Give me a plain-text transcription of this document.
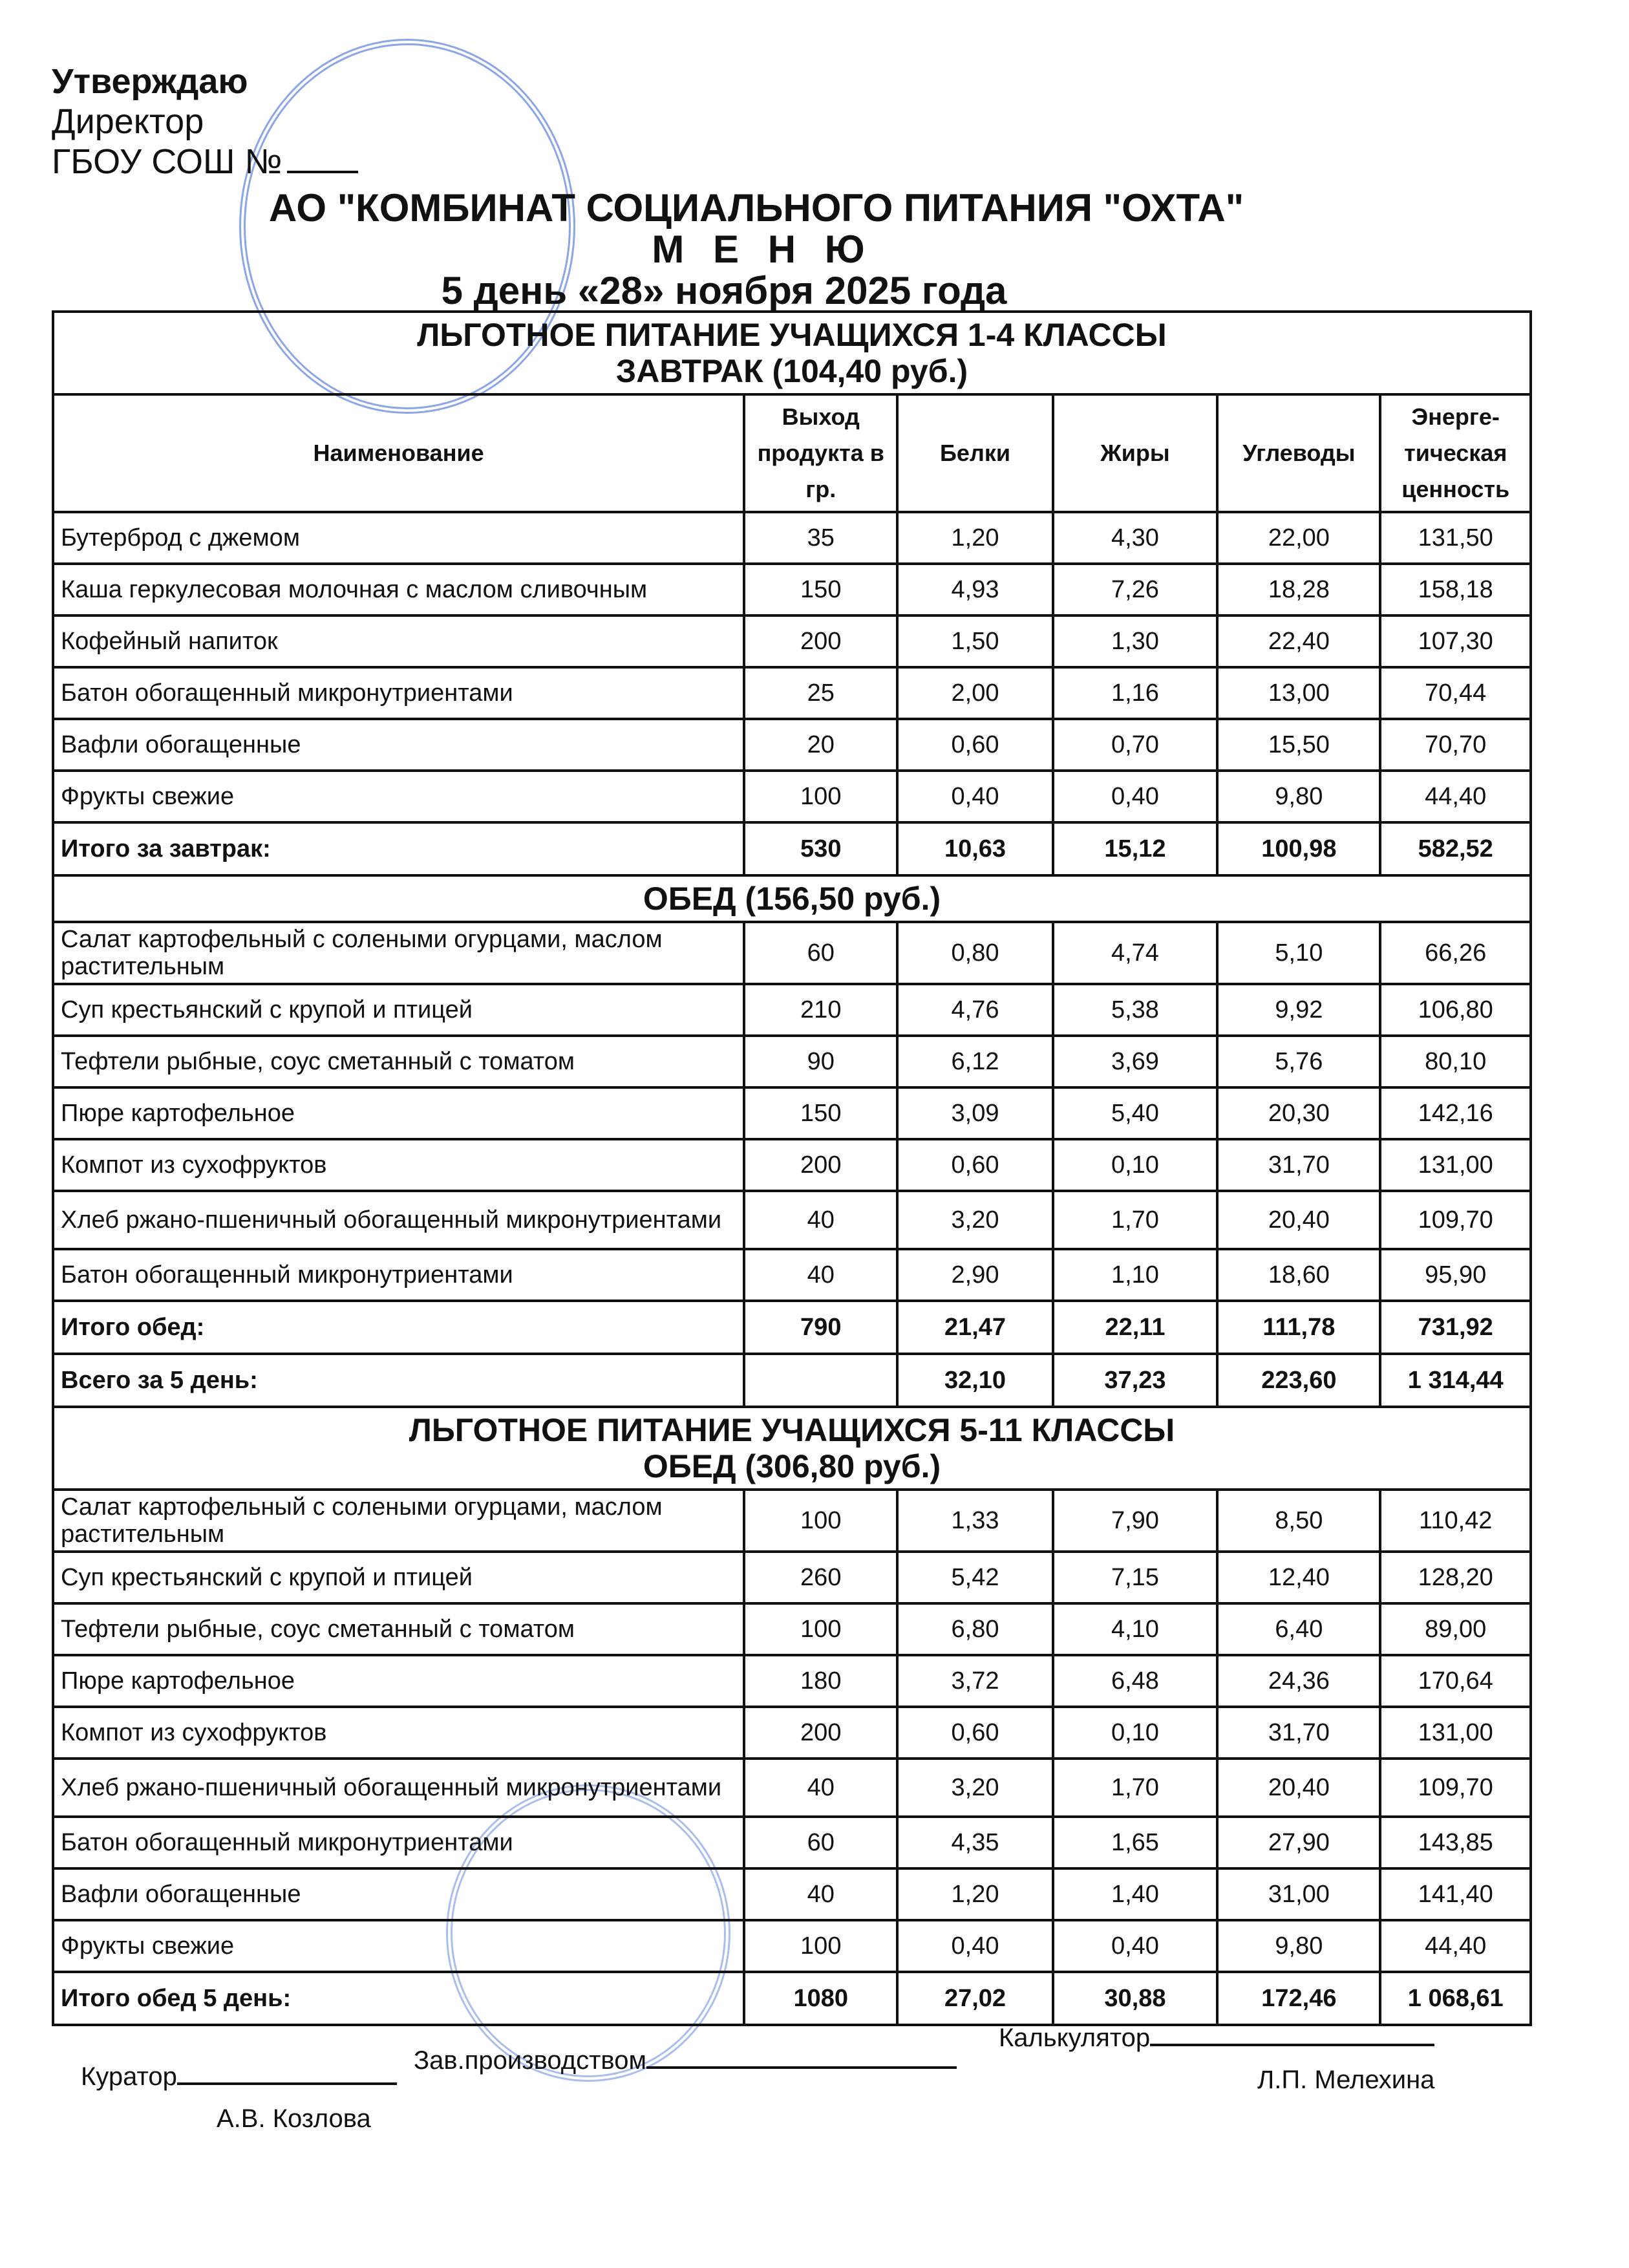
Утверждаю
Директор
ГБОУ СОШ №
АО "КОМБИНАТ СОЦИАЛЬНОГО ПИТАНИЯ "ОХТА"
М Е Н Ю
5 день «28» ноября 2025 года
ЛЬГОТНОЕ ПИТАНИЕ УЧАЩИХСЯ 1-4 КЛАССЫ
ЗАВТРАК (104,40 руб.)					

Наименование	Выход продукта в гр.	Белки	Жиры	Углеводы	Энерге-тическая ценность
Бутерброд с джемом	35	1,20	4,30	22,00	131,50
Каша геркулесовая молочная с маслом сливочным	150	4,93	7,26	18,28	158,18
Кофейный напиток	200	1,50	1,30	22,40	107,30
Батон обогащенный микронутриентами	25	2,00	1,16	13,00	70,44
Вафли обогащенные	20	0,60	0,70	15,50	70,70
Фрукты свежие	100	0,40	0,40	9,80	44,40
Итого за завтрак:	530	10,63	15,12	100,98	582,52

ОБЕД (156,50 руб.)					

Салат картофельный с солеными огурцами, маслом растительным	60	0,80	4,74	5,10	66,26
Суп крестьянский с крупой и птицей	210	4,76	5,38	9,92	106,80
Тефтели рыбные, соус сметанный с томатом	90	6,12	3,69	5,76	80,10
Пюре картофельное	150	3,09	5,40	20,30	142,16
Компот из сухофруктов	200	0,60	0,10	31,70	131,00
Хлеб ржано-пшеничный обогащенный микронутриентами	40	3,20	1,70	20,40	109,70
Батон обогащенный микронутриентами	40	2,90	1,10	18,60	95,90
Итого обед:	790	21,47	22,11	111,78	731,92
Всего за 5 день:		32,10	37,23	223,60	1 314,44

ЛЬГОТНОЕ ПИТАНИЕ УЧАЩИХСЯ 5-11 КЛАССЫ
ОБЕД (306,80 руб.)					

Салат картофельный с солеными огурцами, маслом растительным	100	1,33	7,90	8,50	110,42
Суп крестьянский с крупой и птицей	260	5,42	7,15	12,40	128,20
Тефтели рыбные, соус сметанный с томатом	100	6,80	4,10	6,40	89,00
Пюре картофельное	180	3,72	6,48	24,36	170,64
Компот из сухофруктов	200	0,60	0,10	31,70	131,00
Хлеб ржано-пшеничный обогащенный микронутриентами	40	3,20	1,70	20,40	109,70
Батон обогащенный микронутриентами	60	4,35	1,65	27,90	143,85
Вафли обогащенные	40	1,20	1,40	31,00	141,40
Фрукты свежие	100	0,40	0,40	9,80	44,40
Итого обед 5 день:	1080	27,02	30,88	172,46	1 068,61
Куратор
А.В. Козлова
Зав.производством
Калькулятор
Л.П. Мелехина
